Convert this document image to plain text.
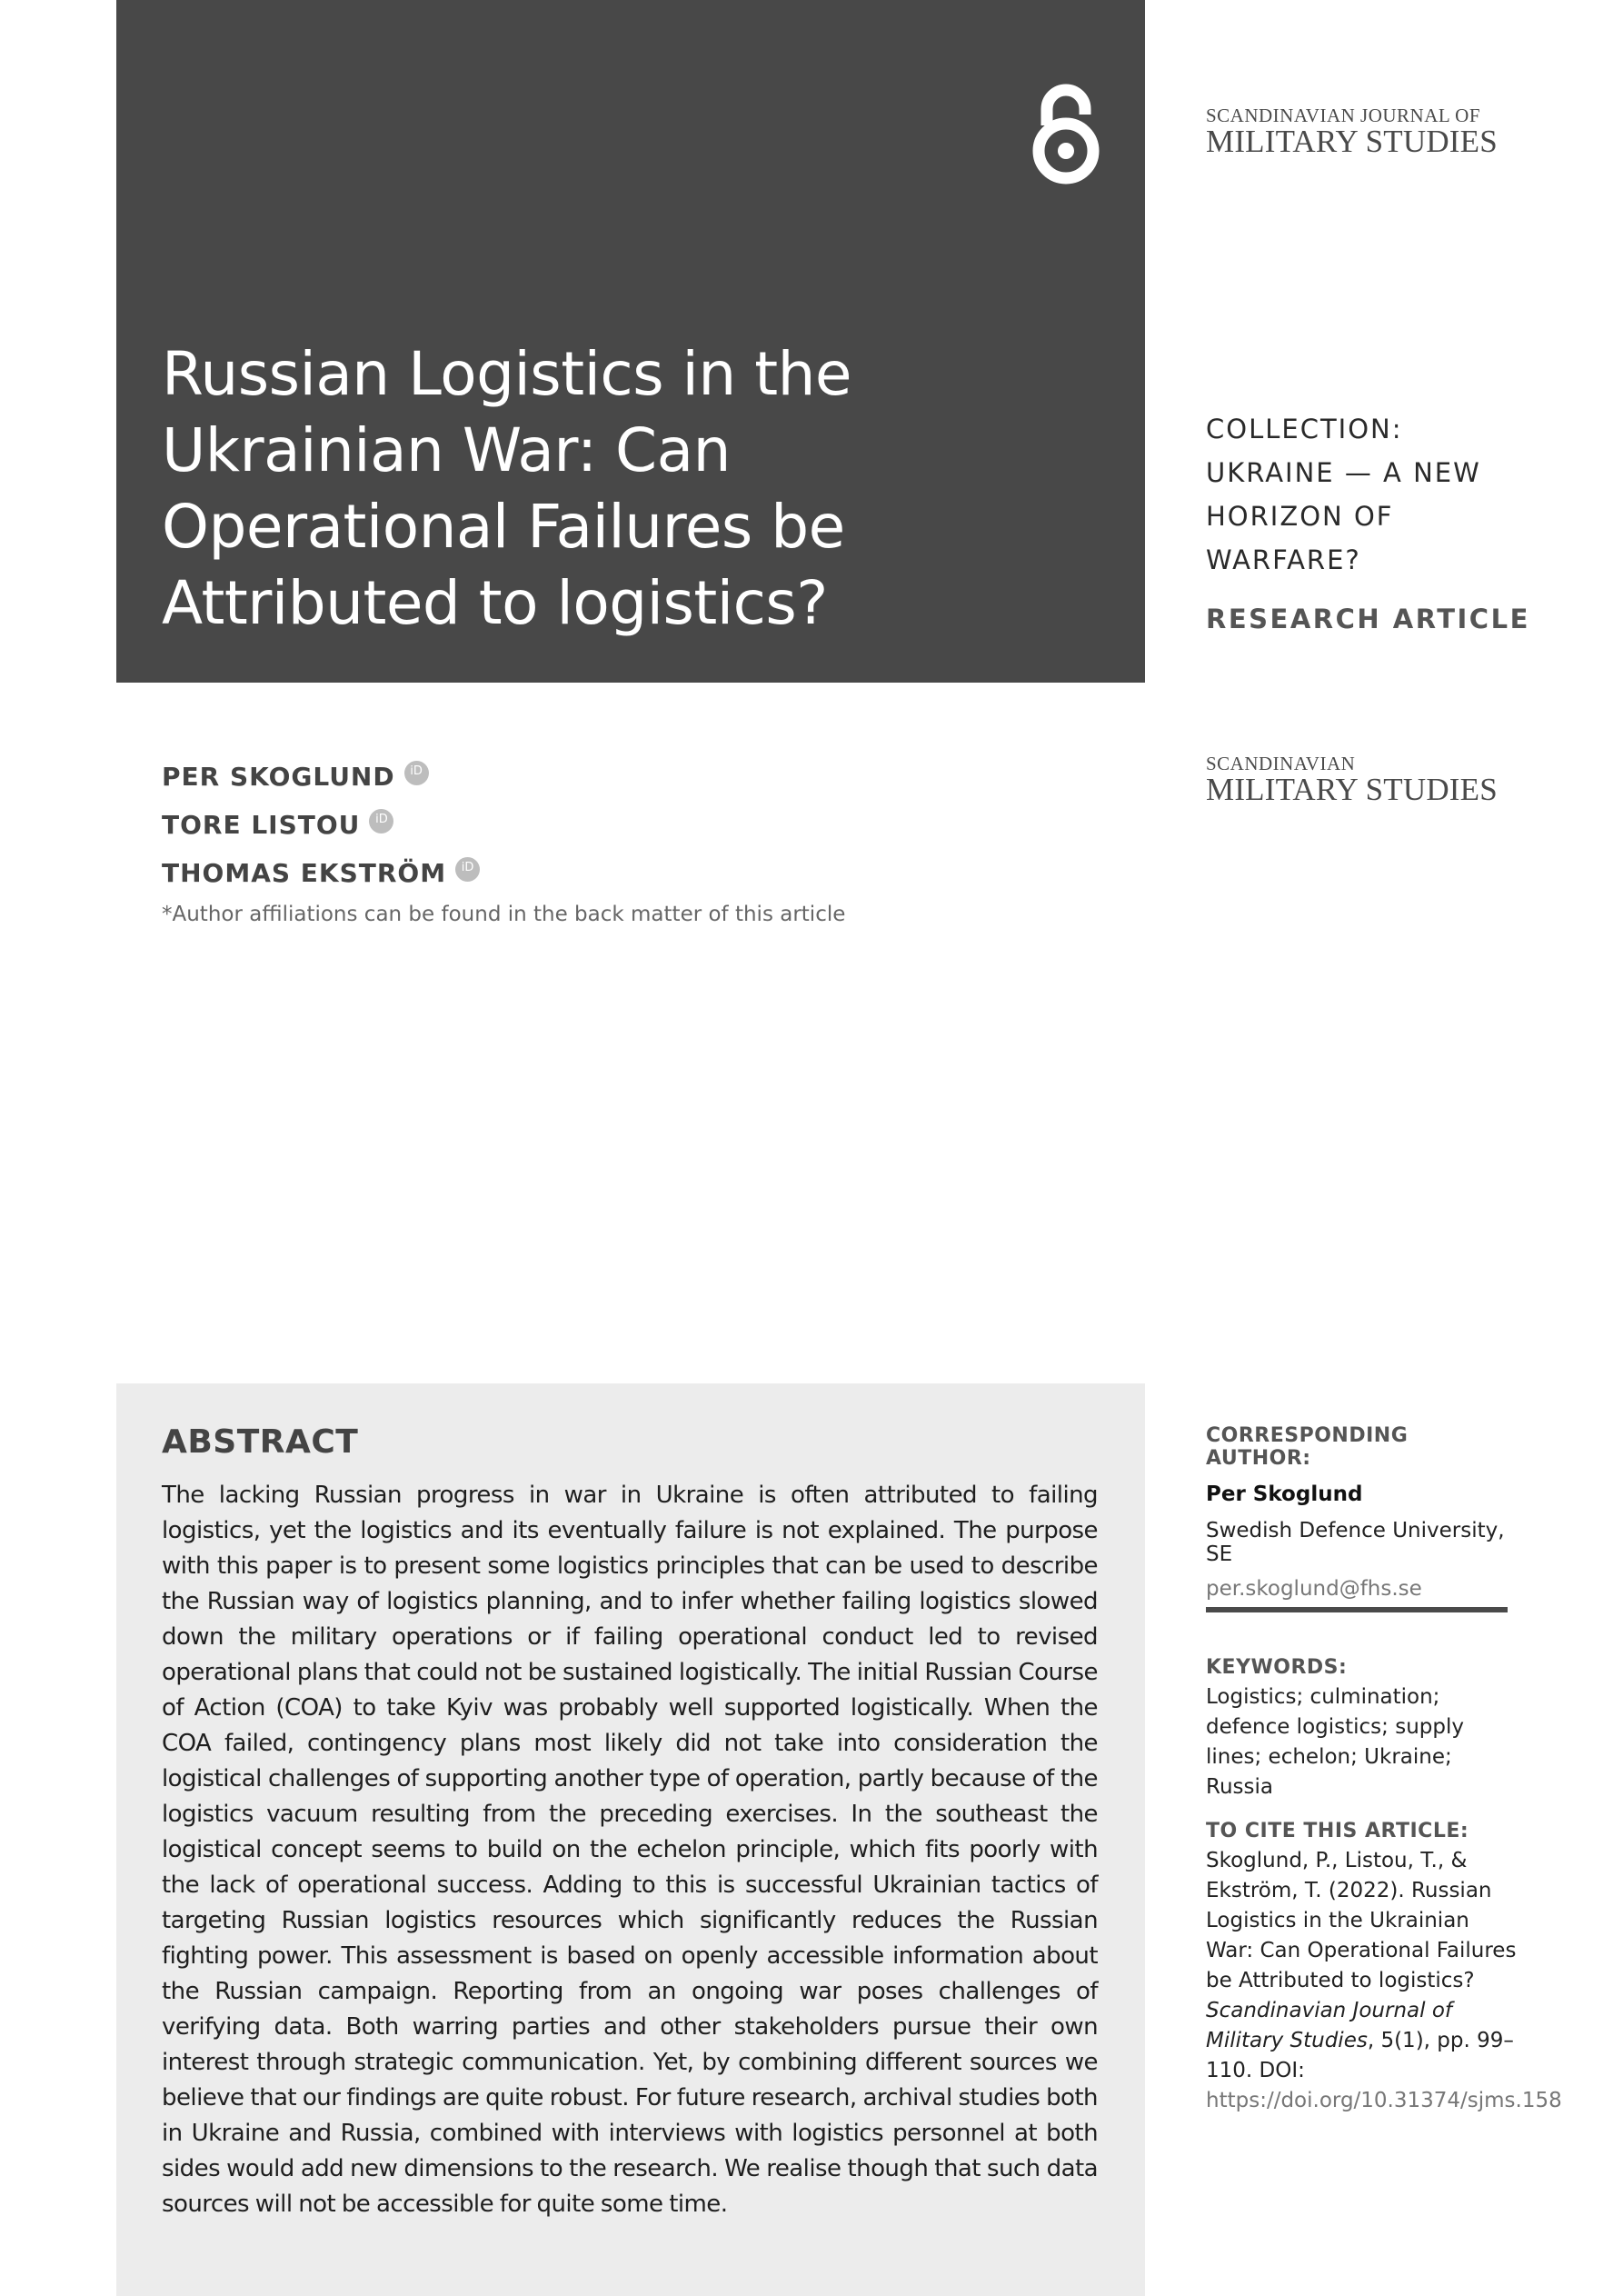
Russian Logistics in the Ukrainian War: Can Operational Failures be Attributed to logistics?
SCANDINAVIAN JOURNAL OF
MILITARY STUDIES
COLLECTION: UKRAINE — A NEW HORIZON OF WARFARE?
RESEARCH ARTICLE
SCANDINAVIAN
MILITARY STUDIES
PER SKOGLUND	iD
TORE LISTOU	iD
THOMAS EKSTRÖM	iD
*Author affiliations can be found in the back matter of this article
ABSTRACT

The lacking Russian progress in war in Ukraine is often attributed to failing logistics, yet the logistics and its eventually failure is not explained. The purpose with this paper is to present some logistics principles that can be used to describe the Russian way of logistics planning, and to infer whether failing logistics slowed down the military operations or if failing operational conduct led to revised operational plans that could not be sustained logistically. The initial Russian Course of Action (COA) to take Kyiv was probably well supported logistically. When the COA failed, contingency plans most likely did not take into consideration the logistical challenges of supporting another type of operation, partly because of the logistics vacuum resulting from the preceding exercises. In the southeast the logistical concept seems to build on the echelon principle, which fits poorly with the lack of operational success. Adding to this is successful Ukrainian tactics of targeting Russian logistics resources which significantly reduces the Russian fighting power. This assessment is based on openly accessible information about the Russian campaign. Reporting from an ongoing war poses challenges of verifying data. Both warring parties and other stakeholders pursue their own interest through strategic communication. Yet, by combining different sources we believe that our findings are quite robust. For future research, archival studies both in Ukraine and Russia, combined with interviews with logistics personnel at both sides would add new dimensions to the research. We realise though that such data sources will not be accessible for quite some time.

CORRESPONDING AUTHOR:
Per Skoglund
Swedish Defence University, SE
per.skoglund@fhs.se
KEYWORDS:
Logistics; culmination; defence logistics; supply lines; echelon; Ukraine; Russia
TO CITE THIS ARTICLE:
Skoglund, P., Listou, T., & Ekström, T. (2022). Russian Logistics in the Ukrainian War: Can Operational Failures be Attributed to logistics? Scandinavian Journal of Military Studies, 5(1), pp. 99–110. DOI: https://doi.org/10.31374/sjms.158
